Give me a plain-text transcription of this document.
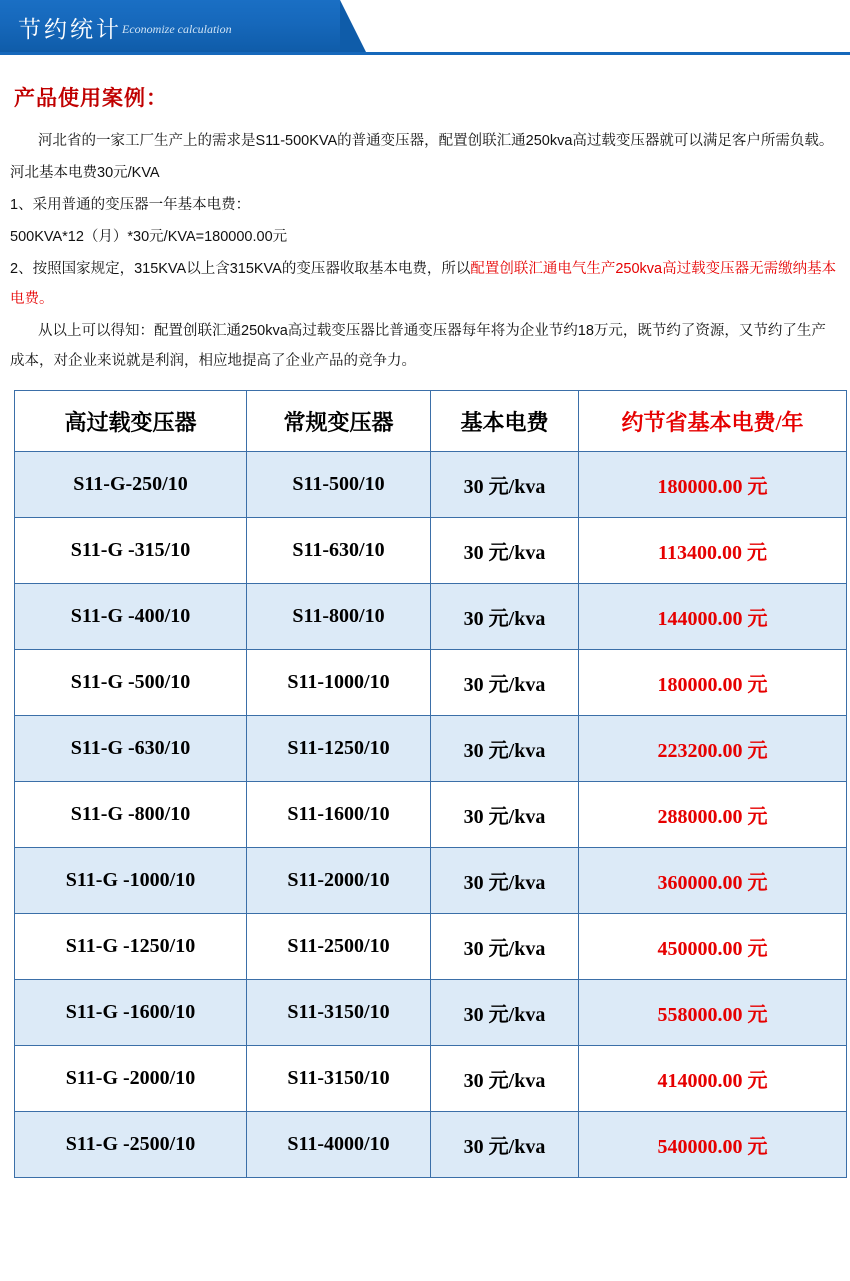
节约统计 Economize calculation
产品使用案例：

河北省的一家工厂生产上的需求是S11-500KVA的普通变压器，配置创联汇通250kva高过载变压器就可以满足客户所需负载。

河北基本电费30元/KVA

1、采用普通的变压器一年基本电费：

500KVA*12（月）*30元/KVA=180000.00元

2、按照国家规定，315KVA以上含315KVA的变压器收取基本电费，所以配置创联汇通电气生产250kva高过载变压器无需缴纳基本电费。

从以上可以得知：配置创联汇通250kva高过载变压器比普通变压器每年将为企业节约18万元，既节约了资源，又节约了生产成本，对企业来说就是利润，相应地提高了企业产品的竞争力。

高过载变压器	常规变压器	基本电费	约节省基本电费/年
S11-G-250/10	S11-500/10	30 元/kva	180000.00 元
S11-G -315/10	S11-630/10	30 元/kva	113400.00 元
S11-G -400/10	S11-800/10	30 元/kva	144000.00 元
S11-G -500/10	S11-1000/10	30 元/kva	180000.00 元
S11-G -630/10	S11-1250/10	30 元/kva	223200.00 元
S11-G -800/10	S11-1600/10	30 元/kva	288000.00 元
S11-G -1000/10	S11-2000/10	30 元/kva	360000.00 元
S11-G -1250/10	S11-2500/10	30 元/kva	450000.00 元
S11-G -1600/10	S11-3150/10	30 元/kva	558000.00 元
S11-G -2000/10	S11-3150/10	30 元/kva	414000.00 元
S11-G -2500/10	S11-4000/10	30 元/kva	540000.00 元
